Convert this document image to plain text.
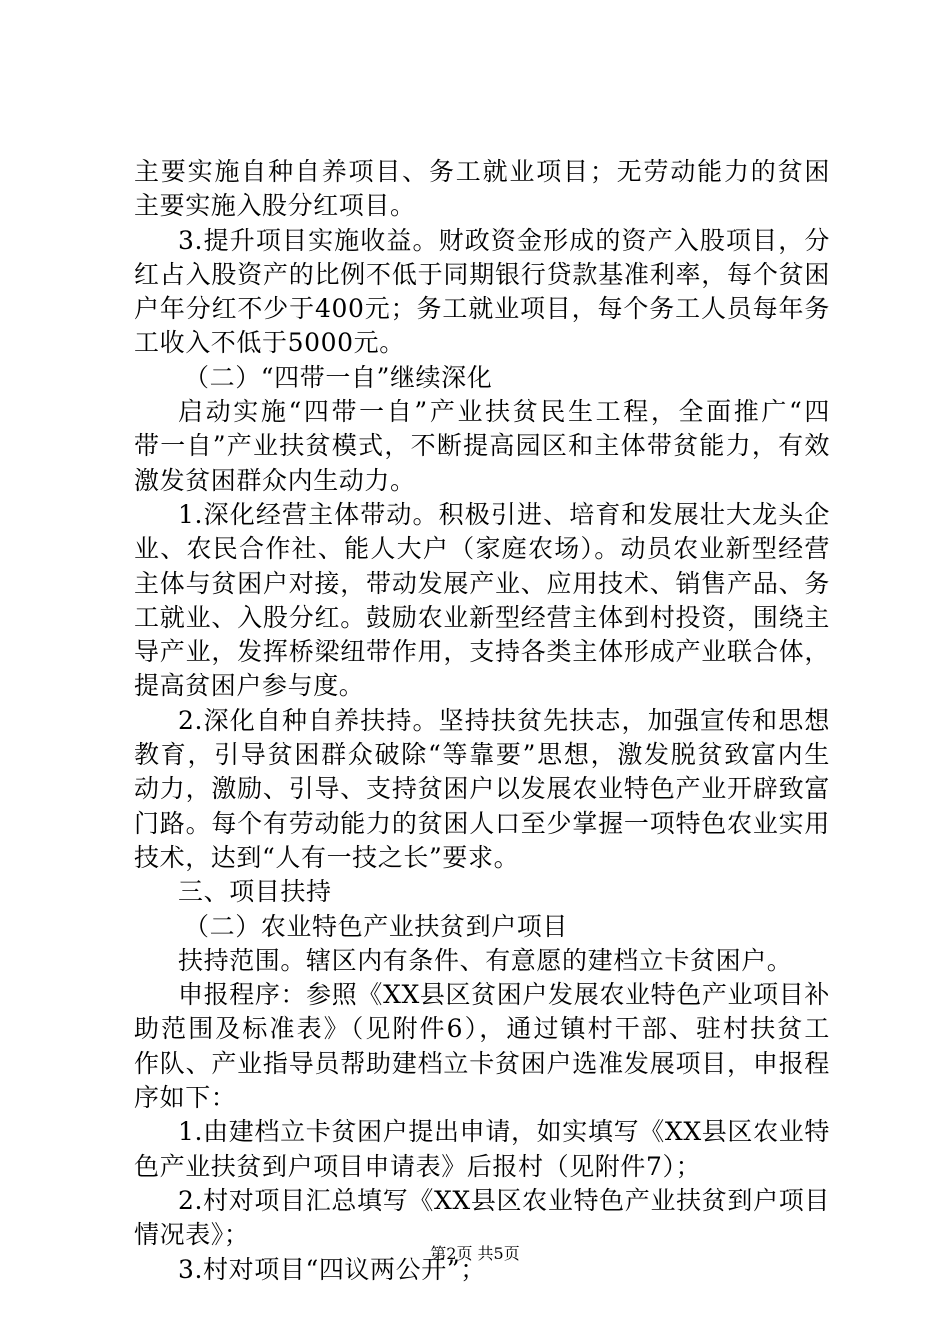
主要实施自种自养项目、务工就业项目；无劳动能力的贫困
主要实施入股分红项目。
3.提升项目实施收益。财政资金形成的资产入股项目，分
红占入股资产的比例不低于同期银行贷款基准利率，每个贫困
户年分红不少于400元；务工就业项目，每个务工人员每年务
工收入不低于5000元。
（二）“四带一自”继续深化
启动实施“四带一自”产业扶贫民生工程，全面推广“四
带一自”产业扶贫模式，不断提高园区和主体带贫能力，有效
激发贫困群众内生动力。
1.深化经营主体带动。积极引进、培育和发展壮大龙头企
业、农民合作社、能人大户（家庭农场）。动员农业新型经营
主体与贫困户对接，带动发展产业、应用技术、销售产品、务
工就业、入股分红。鼓励农业新型经营主体到村投资，围绕主
导产业，发挥桥梁纽带作用，支持各类主体形成产业联合体，
提高贫困户参与度。
2.深化自种自养扶持。坚持扶贫先扶志，加强宣传和思想
教育，引导贫困群众破除“等靠要”思想，激发脱贫致富内生
动力，激励、引导、支持贫困户以发展农业特色产业开辟致富
门路。每个有劳动能力的贫困人口至少掌握一项特色农业实用
技术，达到“人有一技之长”要求。
三、项目扶持
（二）农业特色产业扶贫到户项目
扶持范围。辖区内有条件、有意愿的建档立卡贫困户。
申报程序：参照《XX县区贫困户发展农业特色产业项目补
助范围及标准表》（见附件6），通过镇村干部、驻村扶贫工
作队、产业指导员帮助建档立卡贫困户选准发展项目，申报程
序如下：
1.由建档立卡贫困户提出申请，如实填写《XX县区农业特
色产业扶贫到户项目申请表》后报村（见附件7）；
2.村对项目汇总填写《XX县区农业特色产业扶贫到户项目
情况表》；
3.村对项目“四议两公开”；
第2页 共5页
